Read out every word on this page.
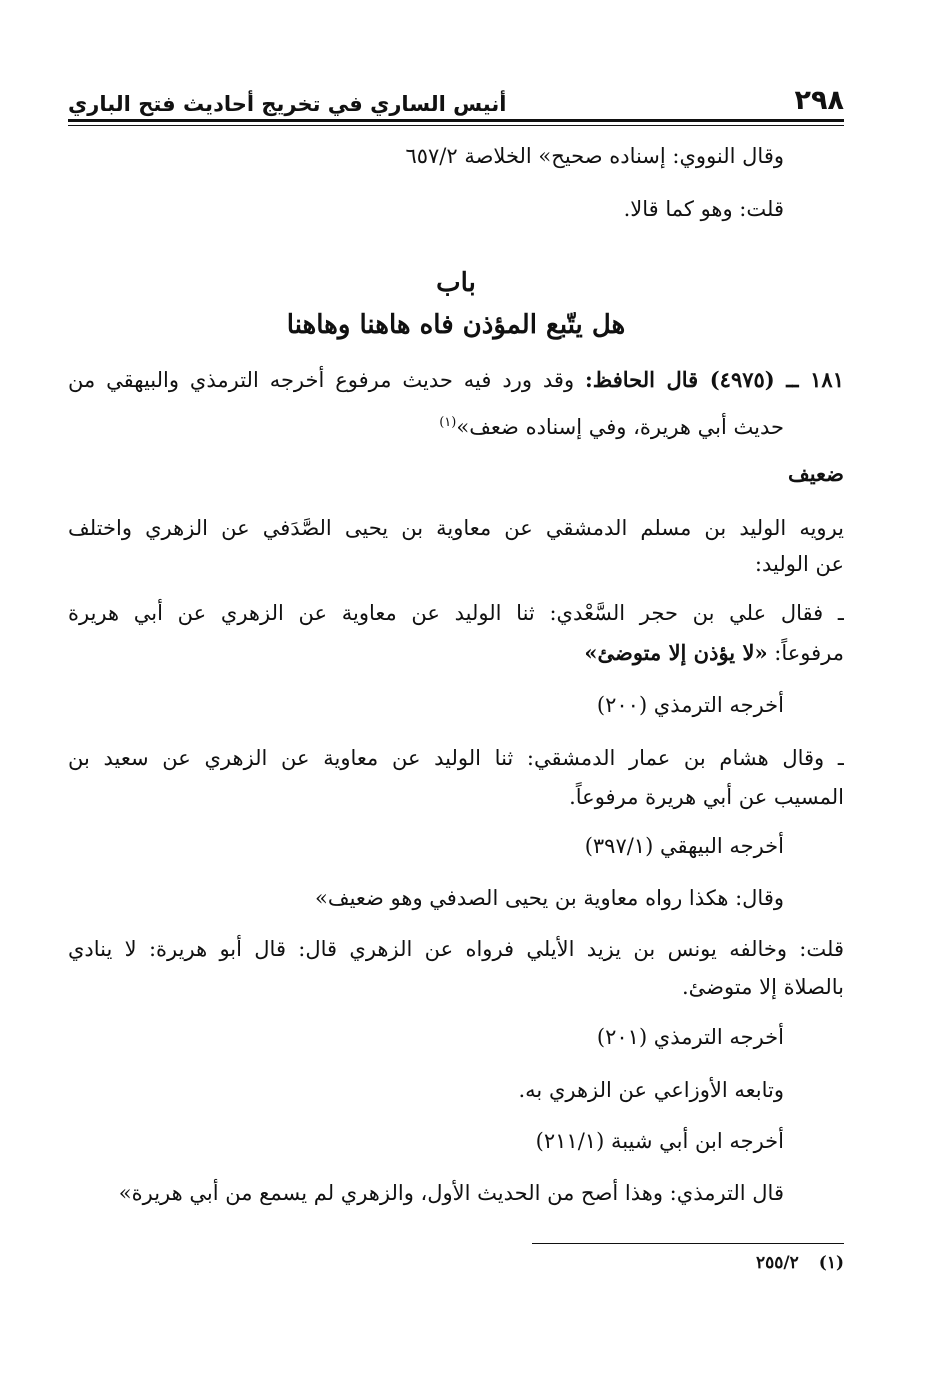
٢٩٨
أنيس الساري في تخريج أحاديث فتح الباري
وقال النووي: إسناده صحيح» الخلاصة ٦٥٧/٢
قلت: وهو كما قالا.
باب
هل يتّبع المؤذن فاه هاهنا وهاهنا
١٨١ ــ (٤٩٧٥) قال الحافظ: وقد ورد فيه حديث مرفوع أخرجه الترمذي والبيهقي من
حديث أبي هريرة، وفي إسناده ضعف»$^{(١)}$
ضعيف
يرويه الوليد بن مسلم الدمشقي عن معاوية بن يحيى الصَّدَفي عن الزهري واختلف
عن الوليد:
ـ فقال علي بن حجر السَّعْدي: ثنا الوليد عن معاوية عن الزهري عن أبي هريرة
مرفوعاً: «لا يؤذن إلا متوضئ»
أخرجه الترمذي (٢٠٠)
ـ وقال هشام بن عمار الدمشقي: ثنا الوليد عن معاوية عن الزهري عن سعيد بن
المسيب عن أبي هريرة مرفوعاً.
أخرجه البيهقي (٣٩٧/١)
وقال: هكذا رواه معاوية بن يحيى الصدفي وهو ضعيف»
قلت: وخالفه يونس بن يزيد الأيلي فرواه عن الزهري قال: قال أبو هريرة: لا ينادي
بالصلاة إلا متوضئ.
أخرجه الترمذي (٢٠١)
وتابعه الأوزاعي عن الزهري به.
أخرجه ابن أبي شيبة (٢١١/١)
قال الترمذي: وهذا أصح من الحديث الأول، والزهري لم يسمع من أبي هريرة»
(١)٢٥٥/٢
